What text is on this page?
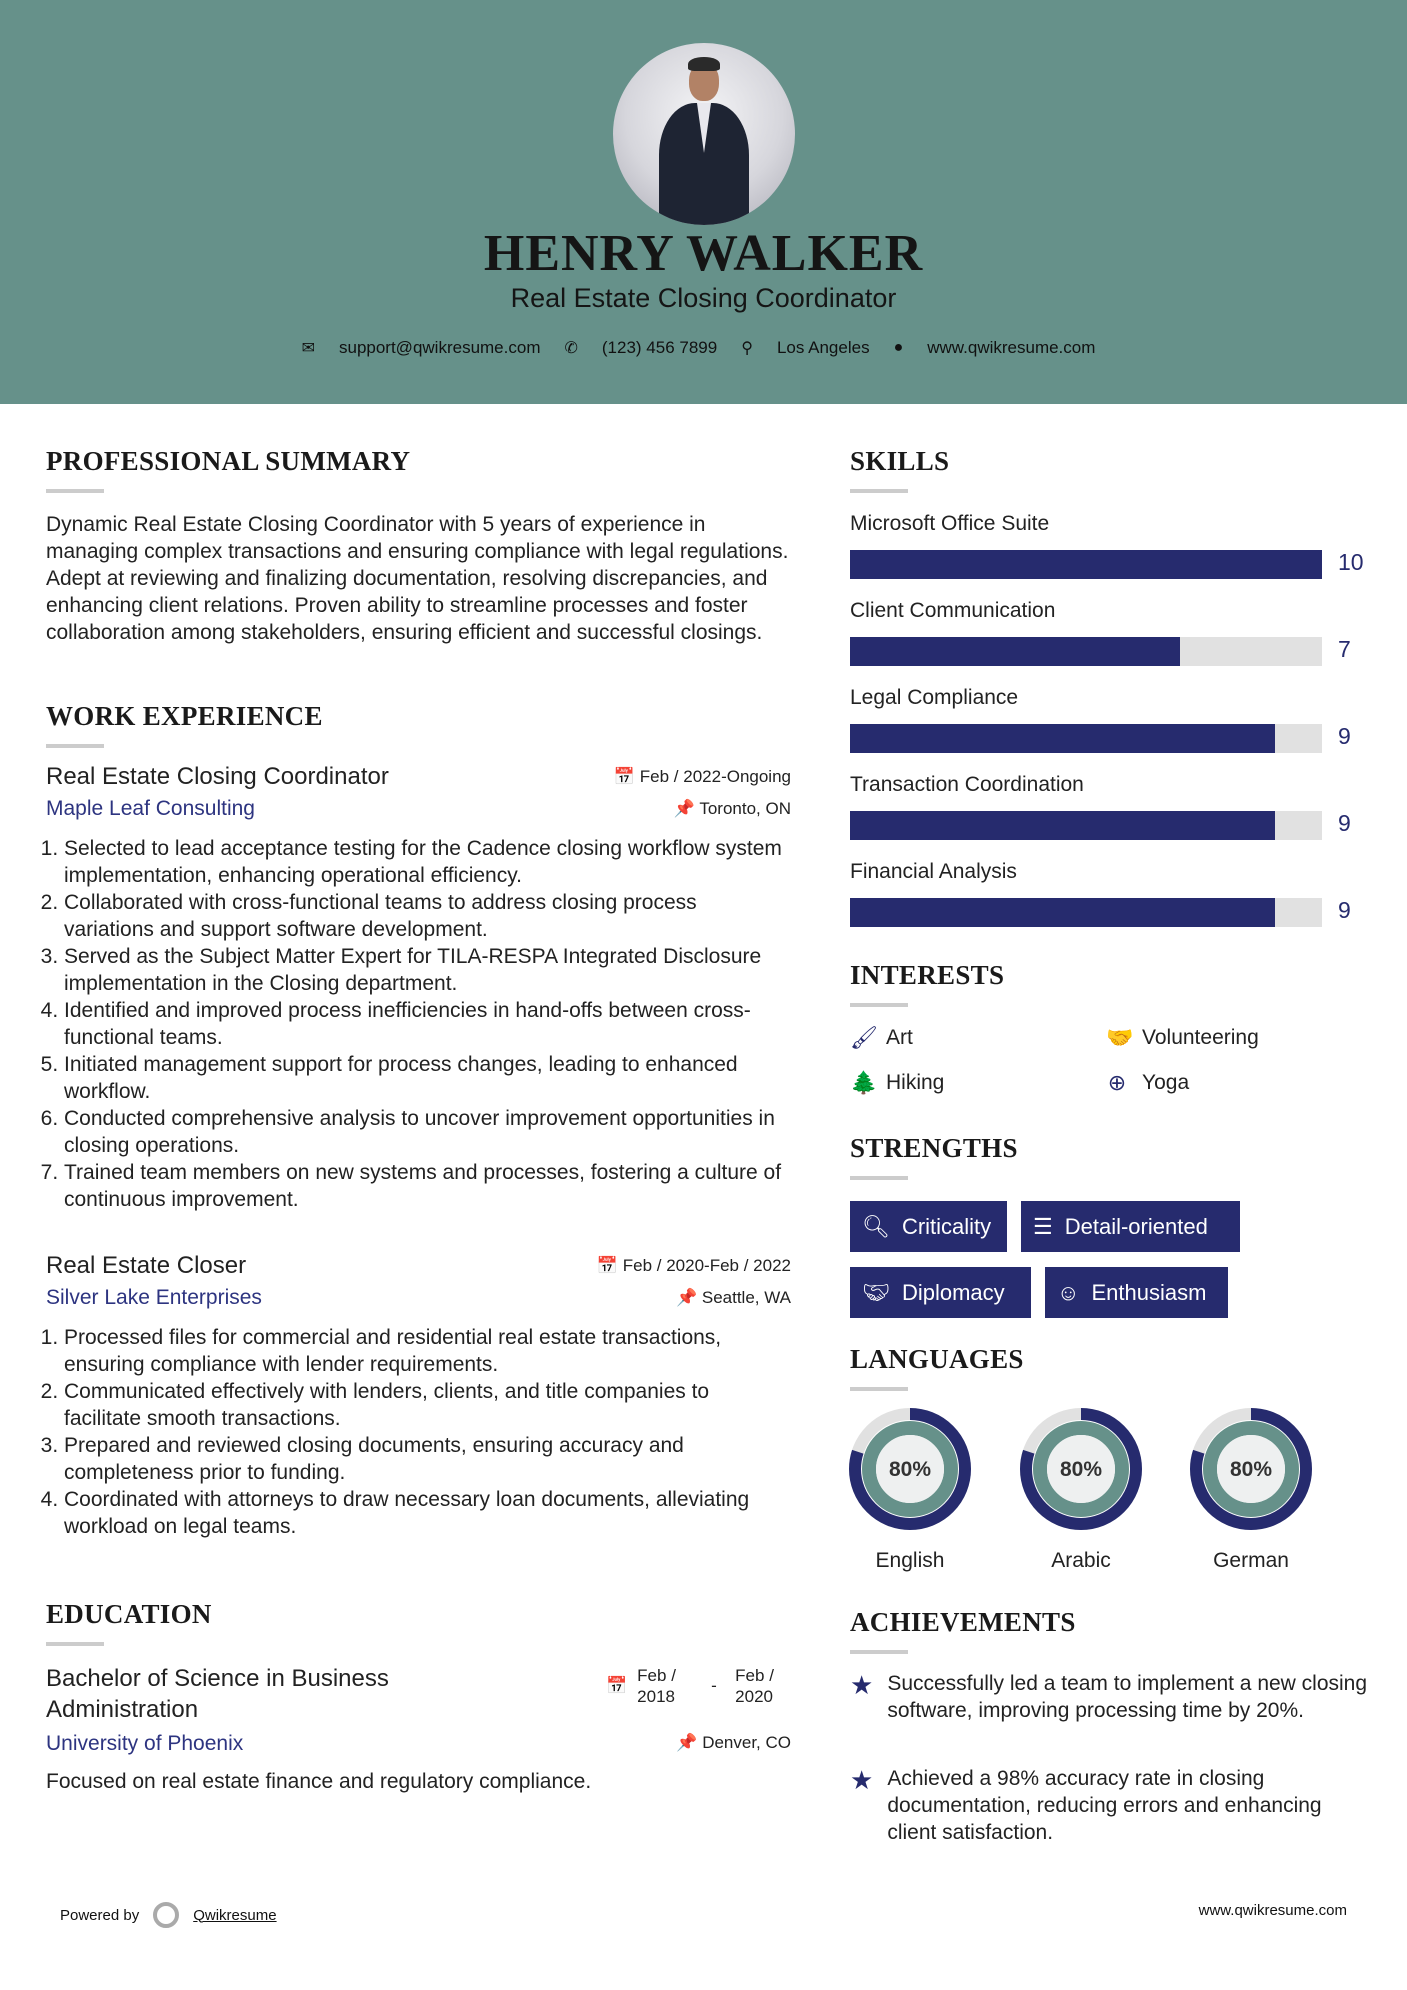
HENRY WALKER
Real Estate Closing Coordinator
✉ support@qwikresume.com ✆ (123) 456 7899 ⚲ Los Angeles ● www.qwikresume.com
PROFESSIONAL SUMMARY
Dynamic Real Estate Closing Coordinator with 5 years of experience in managing complex transactions and ensuring compliance with legal regulations. Adept at reviewing and finalizing documentation, resolving discrepancies, and enhancing client relations. Proven ability to streamline processes and foster collaboration among stakeholders, ensuring efficient and successful closings.
WORK EXPERIENCE
Real Estate Closing Coordinator	📅 Feb / 2022-Ongoing
Maple Leaf Consulting	📌 Toronto, ON
1. Selected to lead acceptance testing for the Cadence closing workflow system implementation, enhancing operational efficiency.
2. Collaborated with cross-functional teams to address closing process variations and support software development.
3. Served as the Subject Matter Expert for TILA-RESPA Integrated Disclosure implementation in the Closing department.
4. Identified and improved process inefficiencies in hand-offs between cross-functional teams.
5. Initiated management support for process changes, leading to enhanced workflow.
6. Conducted comprehensive analysis to uncover improvement opportunities in closing operations.
7. Trained team members on new systems and processes, fostering a culture of continuous improvement.
Real Estate Closer	📅 Feb / 2020-Feb / 2022
Silver Lake Enterprises	📌 Seattle, WA
1. Processed files for commercial and residential real estate transactions, ensuring compliance with lender requirements.
2. Communicated effectively with lenders, clients, and title companies to facilitate smooth transactions.
3. Prepared and reviewed closing documents, ensuring accuracy and completeness prior to funding.
4. Coordinated with attorneys to draw necessary loan documents, alleviating workload on legal teams.
EDUCATION
Bachelor of Science in Business Administration
📅
Feb / 2018
-
Feb / 2020
University of Phoenix	📌 Denver, CO
Focused on real estate finance and regulatory compliance.
SKILLS
Microsoft Office Suite
10
Client Communication
7
Legal Compliance
9
Transaction Coordination
9
Financial Analysis
9
INTERESTS
🖌 Art	🤝 Volunteering
🌲 Hiking	⊕ Yoga
STRENGTHS
🔍︎ Criticality ☰ Detail-oriented
🤝︎ Diplomacy ☺ Enthusiasm
LANGUAGES
80%
English
80%
Arabic
80%
German
ACHIEVEMENTS
★ Successfully led a team to implement a new closing software, improving processing time by 20%.
★ Achieved a 98% accuracy rate in closing documentation, reducing errors and enhancing client satisfaction.
Powered by	Qwikresume	www.qwikresume.com
